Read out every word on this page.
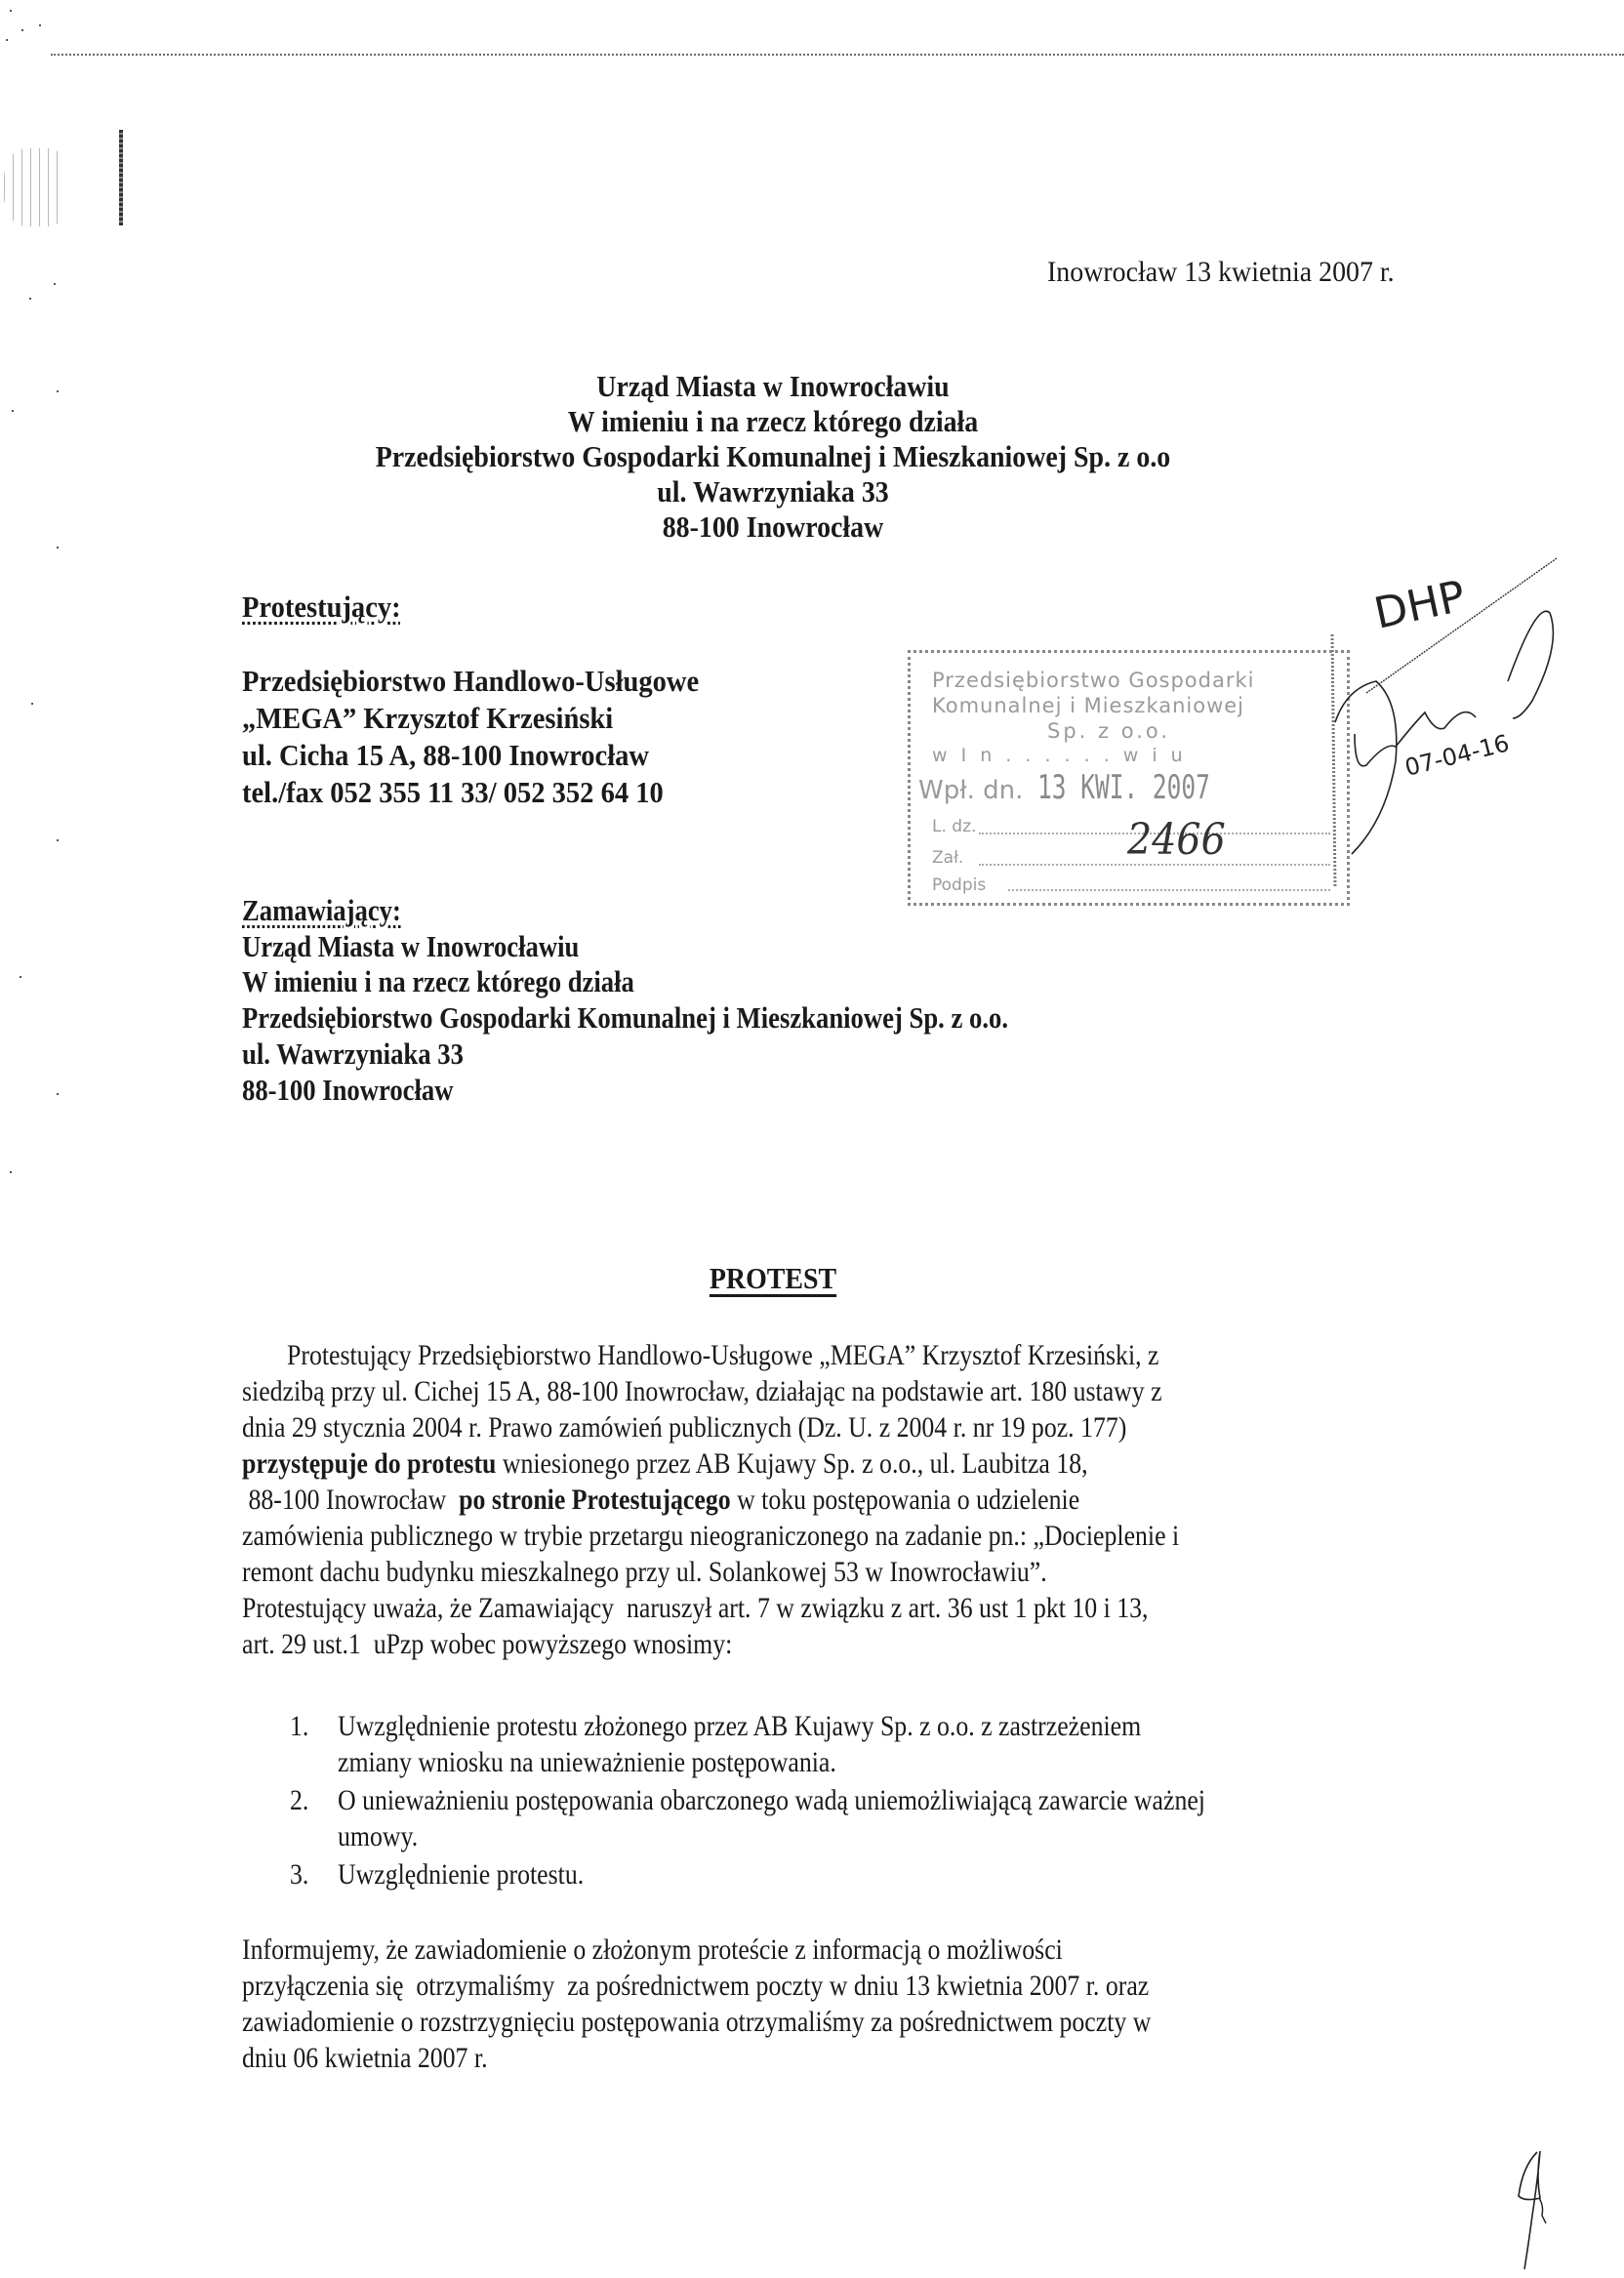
Inowrocław 13 kwietnia 2007 r.
Urząd Miasta w Inowrocławiu
W imieniu i na rzecz którego działa
Przedsiębiorstwo Gospodarki Komunalnej i Mieszkaniowej Sp. z o.o
ul. Wawrzyniaka 33
88-100 Inowrocław
Protestujący:
Przedsiębiorstwo Handlowo-Usługowe
„MEGA” Krzysztof Krzesiński
ul. Cicha 15 A, 88-100 Inowrocław
tel./fax 052 355 11 33/ 052 352 64 10
Przedsiębiorstwo Gospodarki
Komunalnej i Mieszkaniowej
Sp. z o.o.
w I n . . . . . . w i u
Wpł. dn. 13 KWI. 2007
L. dz.
Zał.
Podpis
2466
DHP
07-04-16
Zamawiający:
Urząd Miasta w Inowrocławiu
W imieniu i na rzecz którego działa
Przedsiębiorstwo Gospodarki Komunalnej i Mieszkaniowej Sp. z o.o.
ul. Wawrzyniaka 33
88-100 Inowrocław
PROTEST
Protestujący Przedsiębiorstwo Handlowo-Usługowe „MEGA” Krzysztof Krzesiński, z
siedzibą przy ul. Cichej 15 A, 88-100 Inowrocław, działając na podstawie art. 180 ustawy z
dnia 29 stycznia 2004 r. Prawo zamówień publicznych (Dz. U. z 2004 r. nr 19 poz. 177)
przystępuje do protestu wniesionego przez AB Kujawy Sp. z o.o., ul. Laubitza 18,
88-100 Inowrocław  po stronie Protestującego w toku postępowania o udzielenie
zamówienia publicznego w trybie przetargu nieograniczonego na zadanie pn.: „Docieplenie i
remont dachu budynku mieszkalnego przy ul. Solankowej 53 w Inowrocławiu”.
Protestujący uważa, że Zamawiający  naruszył art. 7 w związku z art. 36 ust 1 pkt 10 i 13,
art. 29 ust.1  uPzp wobec powyższego wnosimy:
1. Uwzględnienie protestu złożonego przez AB Kujawy Sp. z o.o. z zastrzeżeniem
zmiany wniosku na unieważnienie postępowania.
2. O unieważnieniu postępowania obarczonego wadą uniemożliwiającą zawarcie ważnej
umowy.
3. Uwzględnienie protestu.
Informujemy, że zawiadomienie o złożonym proteście z informacją o możliwości
przyłączenia się  otrzymaliśmy  za pośrednictwem poczty w dniu 13 kwietnia 2007 r. oraz
zawiadomienie o rozstrzygnięciu postępowania otrzymaliśmy za pośrednictwem poczty w
dniu 06 kwietnia 2007 r.
